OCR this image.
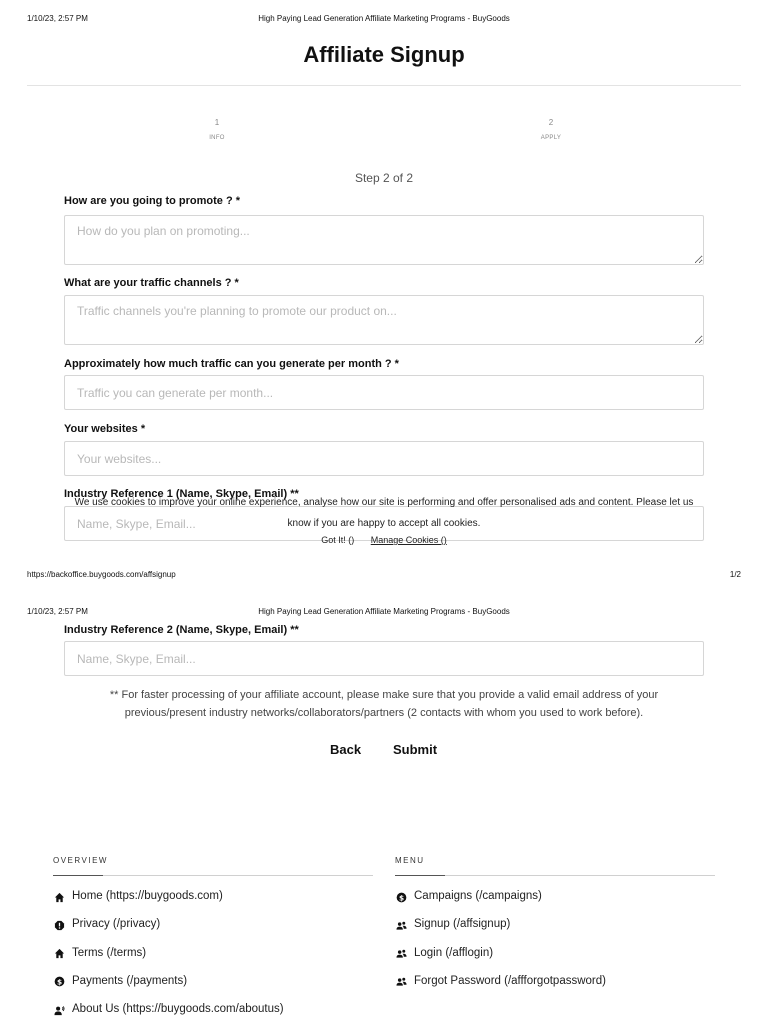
1/10/23, 2:57 PM	High Paying Lead Generation Affiliate Marketing Programs - BuyGoods
Affiliate Signup
1
INFO
2
APPLY
Step 2 of 2
How are you going to promote ? *
How do you plan on promoting...
What are your traffic channels ? *
Traffic channels you're planning to promote our product on...
Approximately how much traffic can you generate per month ? *
Traffic you can generate per month...
Your websites *
Your websites...
Industry Reference 1 (Name, Skype, Email) **
Name, Skype, Email...
We use cookies to improve your online experience, analyse how our site is performing and offer personalised ads and content. Please let us know if you are happy to accept all cookies.
Got It! () Manage Cookies ()
https://backoffice.buygoods.com/affsignup	1/2
1/10/23, 2:57 PM	High Paying Lead Generation Affiliate Marketing Programs - BuyGoods
Industry Reference 2 (Name, Skype, Email) **
Name, Skype, Email...
** For faster processing of your affiliate account, please make sure that you provide a valid email address of your previous/present industry networks/collaborators/partners (2 contacts with whom you used to work before).
Back Submit
OVERVIEW
Home (https://buygoods.com)
Privacy (/privacy)
Terms (/terms)
$ Payments (/payments)
About Us (https://buygoods.com/aboutus)
MENU
$ Campaigns (/campaigns)
Signup (/affsignup)
Login (/afflogin)
Forgot Password (/affforgotpassword)
